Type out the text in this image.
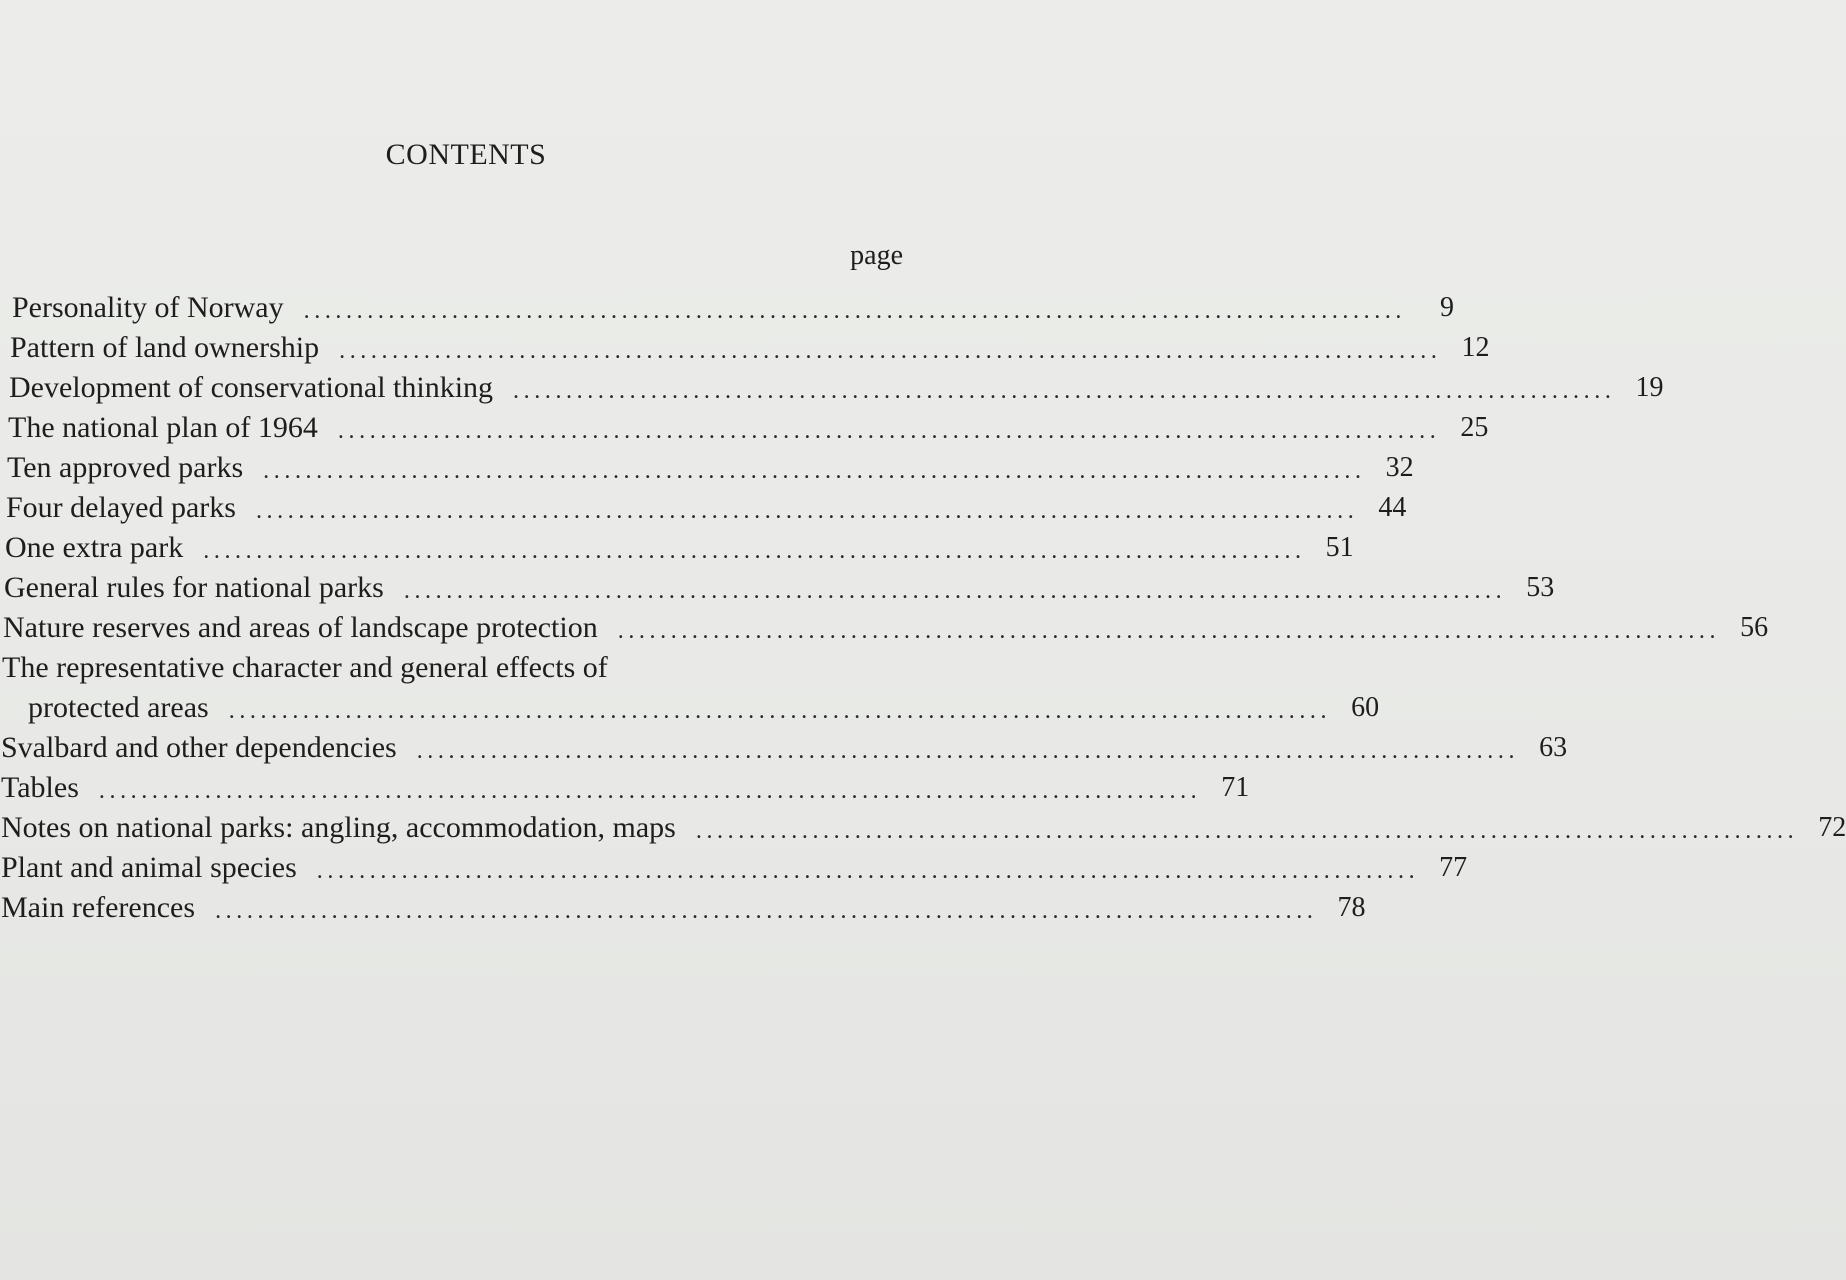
CONTENTS
page
Personality of Norway ........................................................................................................	9
Pattern of land ownership ........................................................................................................ 12
Development of conservational thinking ........................................................................................................ 19
The national plan of 1964 ........................................................................................................ 25
Ten approved parks ........................................................................................................ 32
Four delayed parks ........................................................................................................ 44
One extra park ........................................................................................................ 51
General rules for national parks ........................................................................................................ 53
Nature reserves and areas of landscape protection ........................................................................................................ 56
The representative character and general effects of
protected areas ........................................................................................................ 60
Svalbard and other dependencies ........................................................................................................ 63
Tables ........................................................................................................ 71
Notes on national parks: angling, accommodation, maps ........................................................................................................ 72
Plant and animal species ........................................................................................................ 77
Main references ........................................................................................................ 78
